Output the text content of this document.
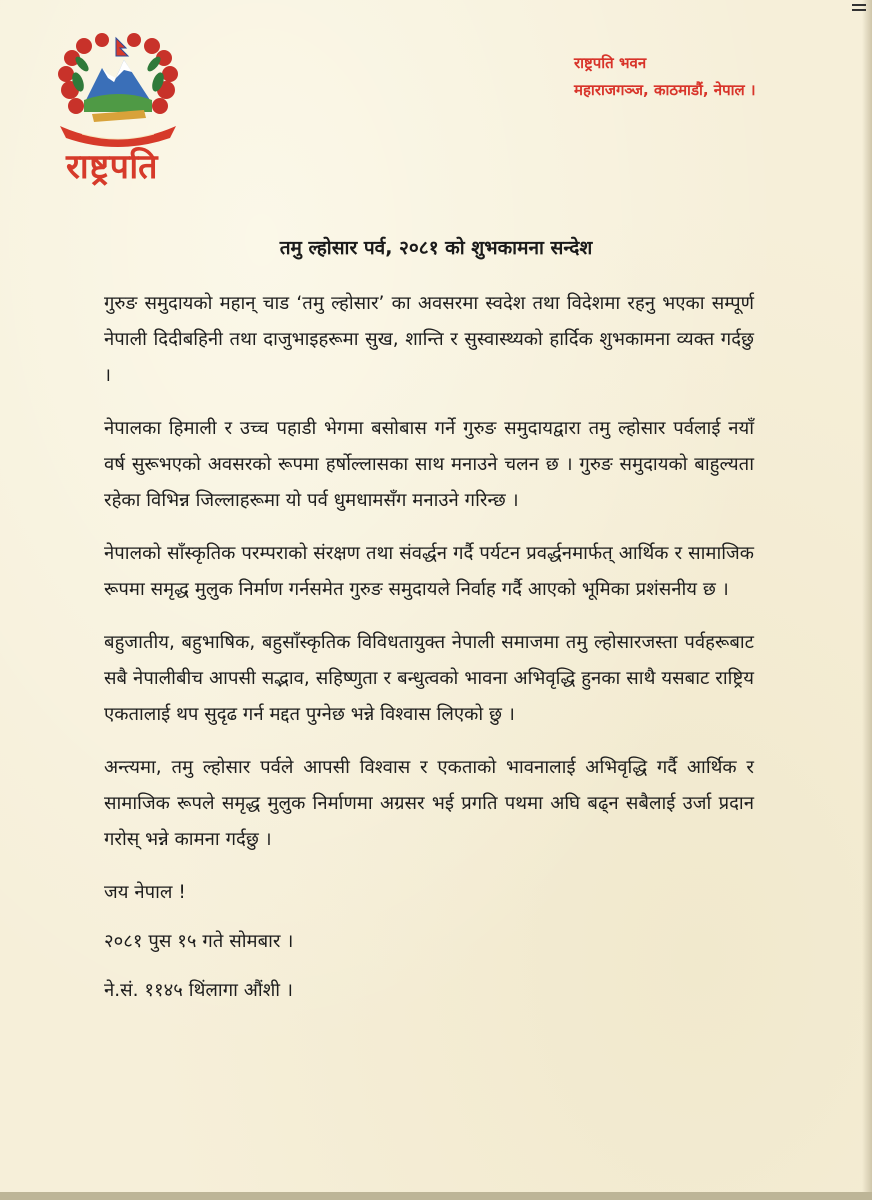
राष्ट्रपति
राष्ट्रपति भवन
महाराजगञ्ज, काठमाडौं, नेपाल ।
तमु ल्होसार पर्व, २०८१ को शुभकामना सन्देश

गुरुङ समुदायको महान् चाड ‘तमु ल्होसार’ का अवसरमा स्वदेश तथा विदेशमा रहनु भएका सम्पूर्ण नेपाली दिदीबहिनी तथा दाजुभाइहरूमा सुख, शान्ति र सुस्वास्थ्यको हार्दिक शुभकामना व्यक्त गर्दछु ।

नेपालका हिमाली र उच्च पहाडी भेगमा बसोबास गर्ने गुरुङ समुदायद्वारा तमु ल्होसार पर्वलाई नयाँ वर्ष सुरूभएको अवसरको रूपमा हर्षोल्लासका साथ मनाउने चलन छ । गुरुङ समुदायको बाहुल्यता रहेका विभिन्न जिल्लाहरूमा यो पर्व धुमधामसँग मनाउने गरिन्छ ।

नेपालको साँस्कृतिक परम्पराको संरक्षण तथा संवर्द्धन गर्दै पर्यटन प्रवर्द्धनमार्फत् आर्थिक र सामाजिक रूपमा समृद्ध मुलुक निर्माण गर्नसमेत गुरुङ समुदायले निर्वाह गर्दै आएको भूमिका प्रशंसनीय छ ।

बहुजातीय, बहुभाषिक, बहुसाँस्कृतिक विविधतायुक्त नेपाली समाजमा तमु ल्होसारजस्ता पर्वहरूबाट सबै नेपालीबीच आपसी सद्भाव, सहिष्णुता र बन्धुत्वको भावना अभिवृद्धि हुनका साथै यसबाट राष्ट्रिय एकतालाई थप सुदृढ गर्न मद्दत पुग्नेछ भन्ने विश्वास लिएको छु ।

अन्त्यमा, तमु ल्होसार पर्वले आपसी विश्वास र एकताको भावनालाई अभिवृद्धि गर्दै आर्थिक र सामाजिक रूपले समृद्ध मुलुक निर्माणमा अग्रसर भई प्रगति पथमा अघि बढ्न सबैलाई उर्जा प्रदान गरोस् भन्ने कामना गर्दछु ।

जय नेपाल !

२०८१ पुस १५ गते सोमबार ।

ने.सं. ११४५ थिंलागा औंशी ।
